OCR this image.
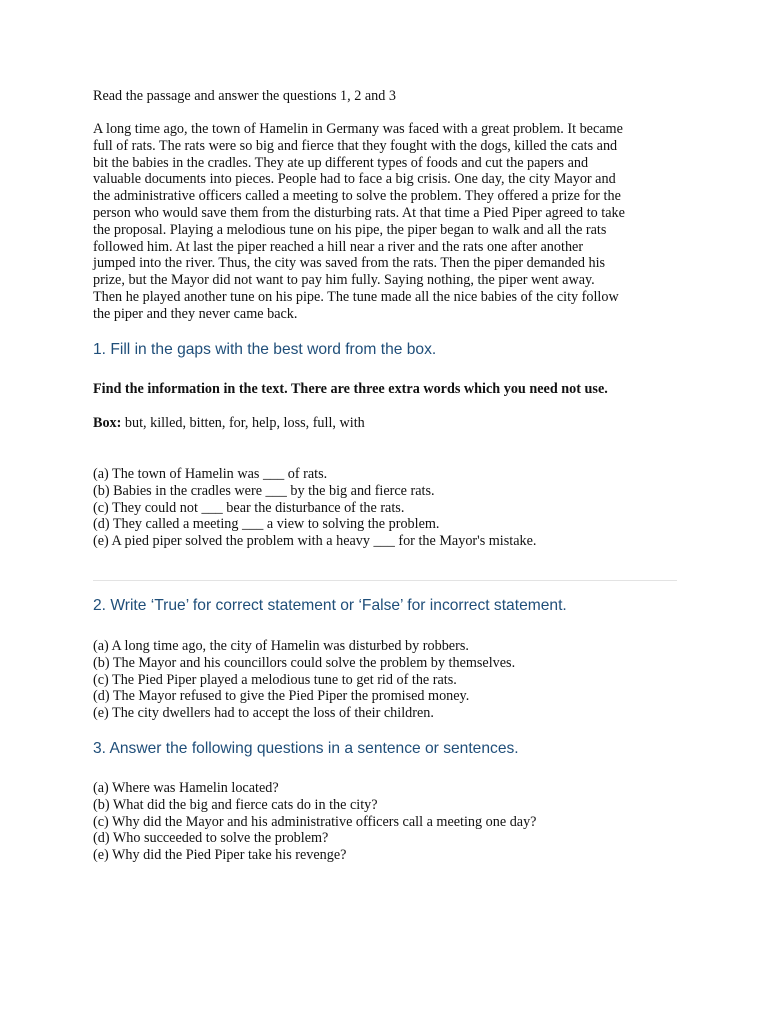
Read the passage and answer the questions 1, 2 and 3

A long time ago, the town of Hamelin in Germany was faced with a great problem. It became
full of rats. The rats were so big and fierce that they fought with the dogs, killed the cats and
bit the babies in the cradles. They ate up different types of foods and cut the papers and
valuable documents into pieces. People had to face a big crisis. One day, the city Mayor and
the administrative officers called a meeting to solve the problem. They offered a prize for the
person who would save them from the disturbing rats. At that time a Pied Piper agreed to take
the proposal. Playing a melodious tune on his pipe, the piper began to walk and all the rats
followed him. At last the piper reached a hill near a river and the rats one after another
jumped into the river. Thus, the city was saved from the rats. Then the piper demanded his
prize, but the Mayor did not want to pay him fully. Saying nothing, the piper went away.
Then he played another tune on his pipe. The tune made all the nice babies of the city follow
the piper and they never came back.

1. Fill in the gaps with the best word from the box.
Find the information in the text. There are three extra words which you need not use.
Box: but, killed, bitten, for, help, loss, full, with
(a) The town of Hamelin was ___ of rats.
(b) Babies in the cradles were ___ by the big and fierce rats.
(c) They could not ___ bear the disturbance of the rats.
(d) They called a meeting ___ a view to solving the problem.
(e) A pied piper solved the problem with a heavy ___ for the Mayor's mistake.
2. Write ‘True’ for correct statement or ‘False’ for incorrect statement.
(a) A long time ago, the city of Hamelin was disturbed by robbers.
(b) The Mayor and his councillors could solve the problem by themselves.
(c) The Pied Piper played a melodious tune to get rid of the rats.
(d) The Mayor refused to give the Pied Piper the promised money.
(e) The city dwellers had to accept the loss of their children.
3. Answer the following questions in a sentence or sentences.
(a) Where was Hamelin located?
(b) What did the big and fierce cats do in the city?
(c) Why did the Mayor and his administrative officers call a meeting one day?
(d) Who succeeded to solve the problem?
(e) Why did the Pied Piper take his revenge?
